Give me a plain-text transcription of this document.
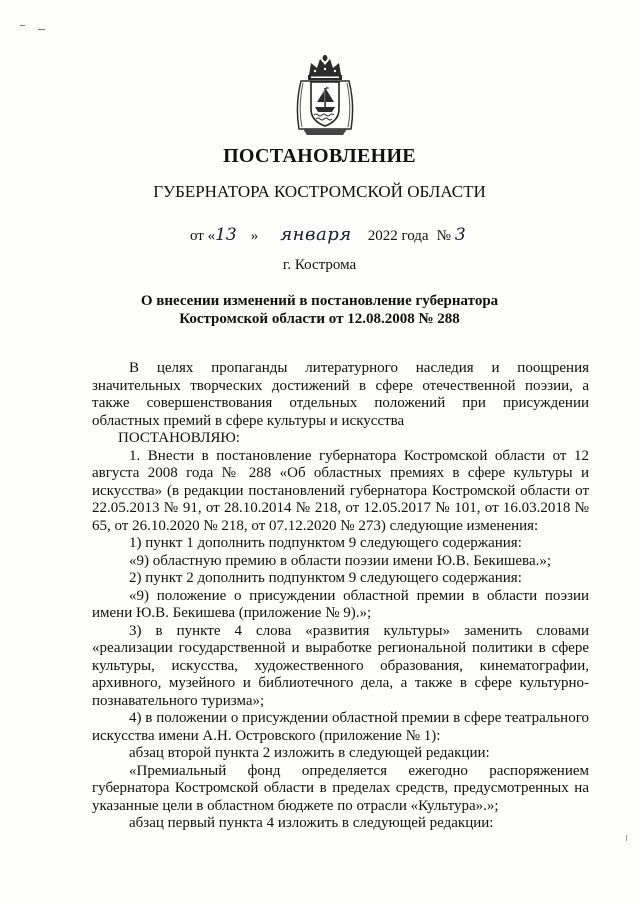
ПОСТАНОВЛЕНИЕ
ГУБЕРНАТОРА КОСТРОМСКОЙ ОБЛАСТИ
от «13 » января 2022 года № 3
г. Кострома
О внесении изменений в постановление губернатора
Костромской области от 12.08.2008 № 288

В целях пропаганды литературного наследия и поощрения значительных творческих достижений в сфере отечественной поэзии, а также совершенствования отдельных положений при присуждении областных премий в сфере культуры и искусства

ПОСТАНОВЛЯЮ:

1. Внести в постановление губернатора Костромской области от 12 августа 2008 года № 288 «Об областных премиях в сфере культуры и искусства» (в редакции постановлений губернатора Костромской области от 22.05.2013 № 91, от 28.10.2014 № 218, от 12.05.2017 № 101, от 16.03.2018 № 65, от 26.10.2020 № 218, от 07.12.2020 № 273) следующие изменения:

1) пункт 1 дополнить подпунктом 9 следующего содержания:

«9) областную премию в области поэзии имени Ю.В. Бекишева.»;

2) пункт 2 дополнить подпунктом 9 следующего содержания:

«9) положение о присуждении областной премии в области поэзии имени Ю.В. Бекишева (приложение № 9).»;

3) в пункте 4 слова «развития культуры» заменить словами «реализации государственной и выработке региональной политики в сфере культуры, искусства, художественного образования, кинематографии, архивного, музейного и библиотечного дела, а также в сфере культурно-познавательного туризма»;

4) в положении о присуждении областной премии в сфере театрального искусства имени А.Н. Островского (приложение № 1):

абзац второй пункта 2 изложить в следующей редакции:

«Премиальный фонд определяется ежегодно распоряжением губернатора Костромской области в пределах средств, предусмотренных на указанные цели в областном бюджете по отрасли «Культура».»;

абзац первый пункта 4 изложить в следующей редакции:
